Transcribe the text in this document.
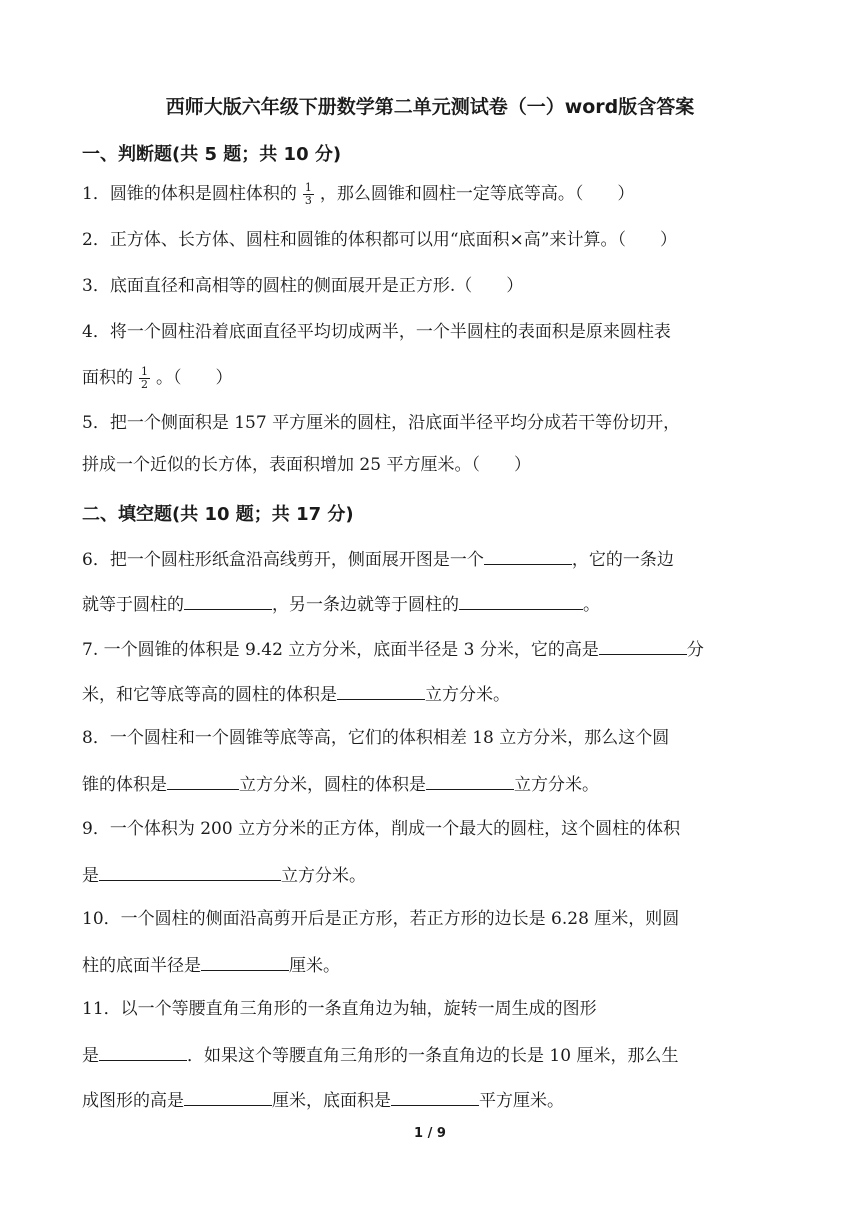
西师大版六年级下册数学第二单元测试卷（一）word版含答案
一、判断题(共 5 题；共 10 分)
1．圆锥的体积是圆柱体积的 $\frac{1}{3}$ ，那么圆锥和圆柱一定等底等高。（　　）
2．正方体、长方体、圆柱和圆锥的体积都可以用“底面积×高”来计算。（　　）
3．底面直径和高相等的圆柱的侧面展开是正方形.（　　）
4．将一个圆柱沿着底面直径平均切成两半，一个半圆柱的表面积是原来圆柱表
面积的 $\frac{1}{2}$ 。（　　）
5．把一个侧面积是 157 平方厘米的圆柱，沿底面半径平均分成若干等份切开，
拼成一个近似的长方体，表面积增加 25 平方厘米。（　　）
二、填空题(共 10 题；共 17 分)
6．把一个圆柱形纸盒沿高线剪开，侧面展开图是一个	，它的一条边
就等于圆柱的	，另一条边就等于圆柱的	。
7. 一个圆锥的体积是 9.42 立方分米，底面半径是 3 分米，它的高是	分
米，和它等底等高的圆柱的体积是	立方分米。
8．一个圆柱和一个圆锥等底等高，它们的体积相差 18 立方分米，那么这个圆
锥的体积是	立方分米，圆柱的体积是	立方分米。
9．一个体积为 200 立方分米的正方体，削成一个最大的圆柱，这个圆柱的体积
是	立方分米。
10．一个圆柱的侧面沿高剪开后是正方形，若正方形的边长是 6.28 厘米，则圆
柱的底面半径是	厘米。
11．以一个等腰直角三角形的一条直角边为轴，旋转一周生成的图形
是	．如果这个等腰直角三角形的一条直角边的长是 10 厘米，那么生
成图形的高是	厘米，底面积是	平方厘米。
1 / 9
